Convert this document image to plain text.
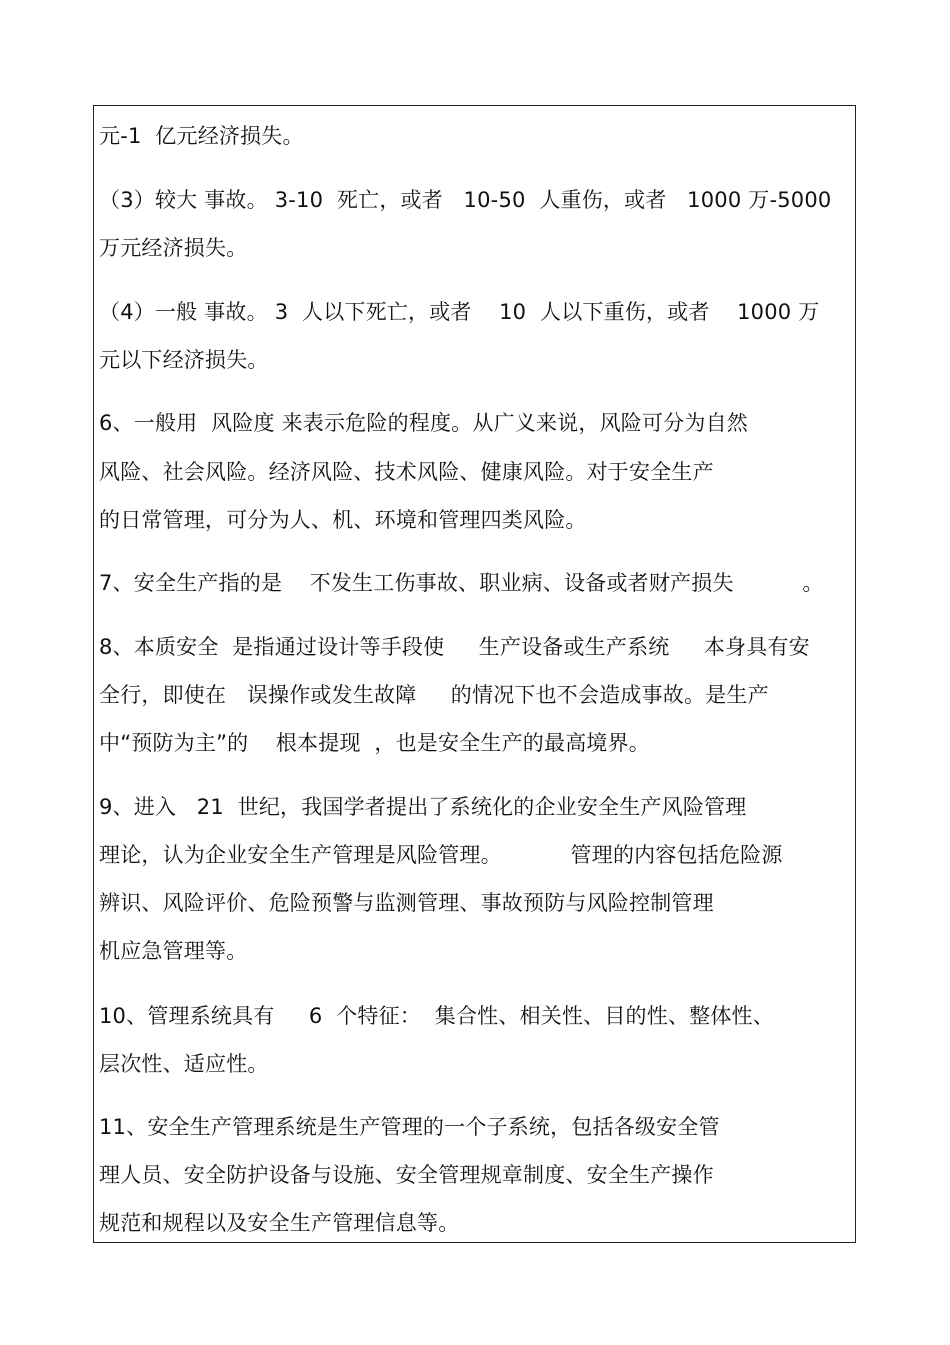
元-1  亿元经济损失。
（3）较大 事故。 3-10  死亡，或者   10-50  人重伤，或者   1000 万-5000
万元经济损失。
（4）一般 事故。 3  人以下死亡，或者    10  人以下重伤，或者    1000 万
元以下经济损失。
6、一般用  风险度 来表示危险的程度。从广义来说，风险可分为自然
风险、社会风险。经济风险、技术风险、健康风险。对于安全生产
的日常管理，可分为人、机、环境和管理四类风险。
7、安全生产指的是    不发生工伤事故、职业病、设备或者财产损失          。
8、本质安全  是指通过设计等手段使     生产设备或生产系统     本身具有安
全行，即使在   误操作或发生故障     的情况下也不会造成事故。是生产
中“预防为主”的    根本提现  ，也是安全生产的最高境界。
9、进入   21  世纪，我国学者提出了系统化的企业安全生产风险管理
理论，认为企业安全生产管理是风险管理。          管理的内容包括危险源
辨识、风险评价、危险预警与监测管理、事故预防与风险控制管理
机应急管理等。
10、管理系统具有     6  个特征：  集合性、相关性、目的性、整体性、
层次性、适应性。
11、安全生产管理系统是生产管理的一个子系统，包括各级安全管
理人员、安全防护设备与设施、安全管理规章制度、安全生产操作
规范和规程以及安全生产管理信息等。
